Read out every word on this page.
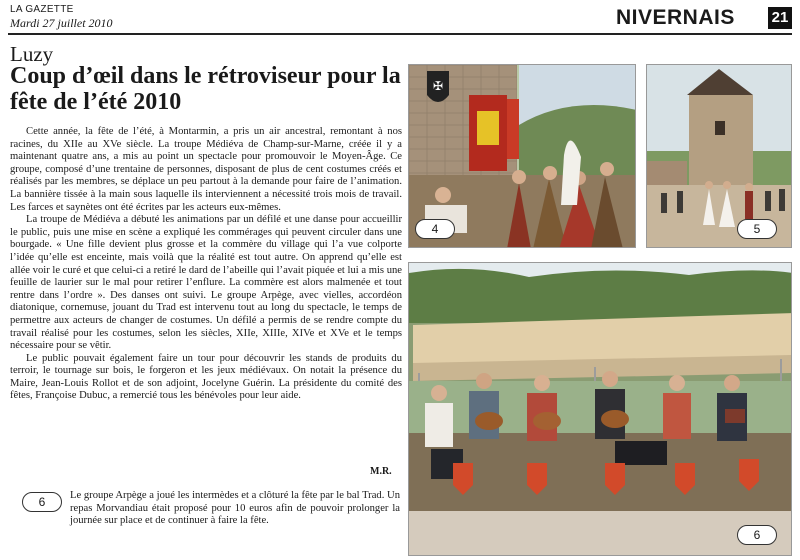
LA GAZETTE
Mardi 27 juillet 2010	NIVERNAIS 21
Luzy
Coup d’œil dans le rétroviseur pour la fête de l’été 2010

Cette année, la fête de l’été, à Montarmin, a pris un air ancestral, remontant à nos racines, du XIIe au XVe siècle. La troupe Médiéva de Champ-sur-Marne, créée il y a maintenant quatre ans, a mis au point un spectacle pour promouvoir le Moyen-Âge. Ce groupe, composé d’une trentaine de personnes, disposant de plus de cent costumes créés et réalisés par les membres, se déplace un peu partout à la demande pour faire de l’animation. La bannière tissée à la main sous laquelle ils interviennent a nécessité trois mois de travail. Les farces et saynètes ont été écrites par les acteurs eux-mêmes.

La troupe de Médiéva a débuté les animations par un défilé et une danse pour accueillir le public, puis une mise en scène a expliqué les commérages qui peuvent circuler dans une bourgade. « Une fille devient plus grosse et la commère du village qui l’a vue colporte l’idée qu’elle est enceinte, mais voilà que la réalité est tout autre. On apprend qu’elle est allée voir le curé et que celui-ci a retiré le dard de l’abeille qui l’avait piquée et lui a mis une feuille de laurier sur le mal pour retirer l’enflure. La commère est alors malmenée et tout rentre dans l’ordre ». Des danses ont suivi. Le groupe Arpège, avec vielles, accordéon diatonique, cornemuse, jouant du Trad est intervenu tout au long du spectacle, le temps de permettre aux acteurs de changer de costumes. Un défilé a permis de se rendre compte du travail réalisé pour les costumes, selon les siècles, XIIe, XIIIe, XIVe et XVe et le temps nécessaire pour se vêtir.

Le public pouvait également faire un tour pour découvrir les stands de produits du terroir, le tournage sur bois, le forgeron et les jeux médiévaux. On notait la présence du Maire, Jean-Louis Rollot et de son adjoint, Jocelyne Guérin. La présidente du comité des fêtes, Françoise Dubuc, a remercié tous les bénévoles pour leur aide.

M.R.
6	Le groupe Arpège a joué les intermèdes et a clôturé la fête par le bal Trad. Un repas Morvandiau était proposé pour 10 euros afin de pouvoir prolonger la journée sur place et de continuer à faire la fête.
✠
4	5
6
